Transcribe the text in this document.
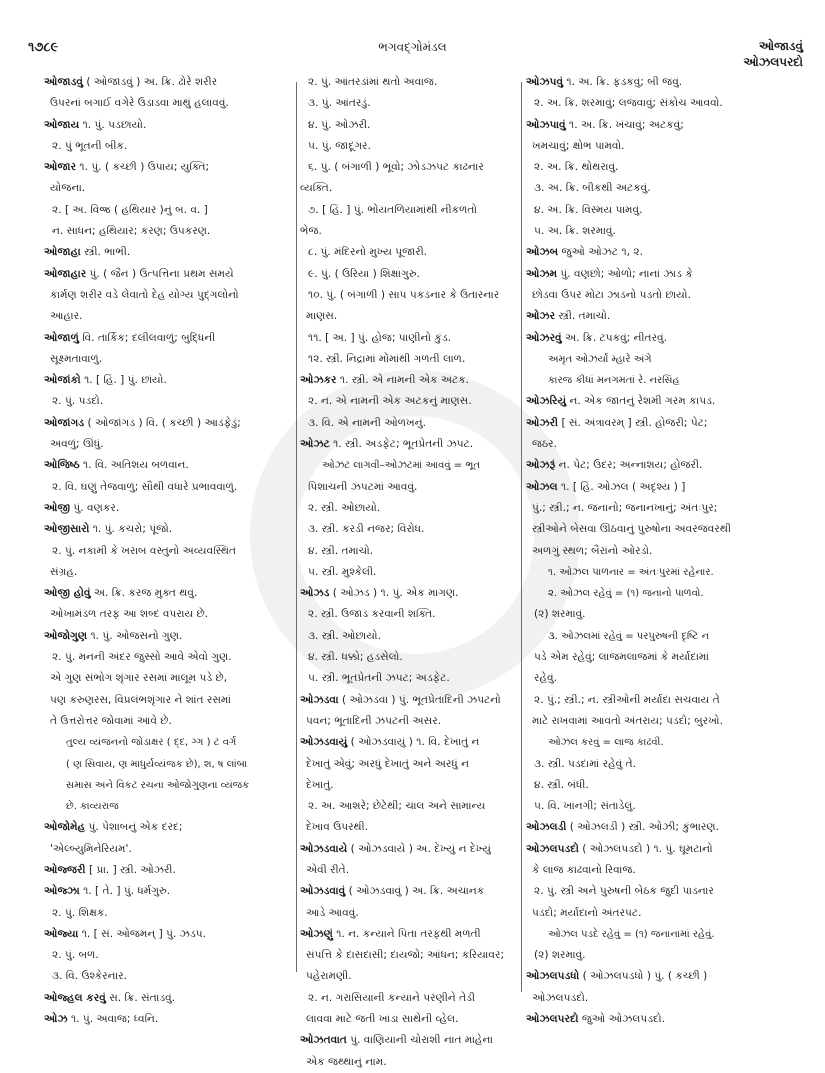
૧૭૮૯	ભગવદ્ગોમંડલ	ઓજાડવું
ઓઝલપરદો
ઓજાડવું ( ઓજાડવું ) અ. ક્રિ. ઢોરે શરીર
ઉપરનાં બગાઈ વગેરે ઉડાડવા માથું હલાવવું.
ઓજાય ૧. પું. પડછાયો.
૨. પું ભૂતની બીક.
ઓજાર ૧. પું. ( કચ્છી ) ઉપાય; યુક્તિ;
યોજના.
૨. [ અ. વિજ્ર ( હથિયાર )નું બ. વ. ]
ન. સાધન; હથિયાર; કરણ; ઉપકરણ.
ઓજાહા સ્ત્રી. ભાભી.
ઓજાહાર પું. ( જૈન ) ઉત્પત્તિના પ્રથમ સમયે
કાર્મણ શરીર વડે લેવાતો દેહ યોગ્ય પુદ્ગલોનો
આહાર.
ઓજાળું વિ. તાર્કિક; દલીલવાળું; બુદ્ધિની
સૂક્ષ્મતાવાળું.
ઓજાંકો ૧. [ હિં. ] પું. છાંયો.
૨. પું. પડદો.
ઓજાંગડ ( ઓજાંગડ ) વિ. ( કચ્છી ) આડફેડું;
અવળું; ઊંધું.
ઓજિષ્ઠ ૧. વિ. અતિશય બળવાન.
૨. વિ. ઘણું તેજવાળું; સૌથી વધારે પ્રભાવવાળું.
ઓજી પું. વણકર.
ઓજીસારો ૧. પું. કચરો; પૂંજો.
૨. પું. નકામી કે ખરાબ વસ્તુનો અવ્યવસ્થિત
સંગ્રહ.
ઓજી હોવું અ. ક્રિ. કરજ મુક્ત થવું.
ઓખામંડળ તરફ આ શબ્દ વપરાય છે.
ઓજોગુણ ૧. પું. ઓજસનો ગુણ.
૨. પું. મનની અંદર જુસ્સો આવે એવો ગુણ.
એ ગુણ સંભોગ શૃંગાર રસમાં માલૂમ પડે છે,
પણ કરુણરસ, વિપ્રલંભશૃંગાર ને શાંત રસમાં
તે ઉત્તરોત્તર જોવામાં આવે છે.
તુલ્ય વ્યંજનનો જોડાક્ષર ( દ્દ, ગ્ગ ) ટ વર્ગ
( ણ સિવાય, ણ માધુર્યવ્યંજક છે), શ, ષ લાંબા
સમાસ અને વિકટ રચના ઓજોગુણના વ્યંજક
છે. કાવ્યરાજ
ઓજોમેહ પું. પેશાબનું એક દરદ;
'એલ્બ્યુમિનેરિયમ'.
ઓજ્જરી [ પ્રા. ] સ્ત્રી. ઓઝરી.
ઓજ્ઝા ૧. [ તે. ] પું. ધર્મગુરુ.
૨. પું. શિક્ષક.
ઓજ્યા ૧. [ સં. ઓજમન્ ] પું. ઝડપ.
૨. પું. બળ.
૩. વિ. ઉશ્કેરનાર.
ઓજ્હલ કરવું સ. ક્રિ. સંતાડવું.
ઓઝ ૧. પું. અવાજ; ધ્વનિ.
૨. પું. આંતરડાંમાં થતો અવાજ.
૩. પું. આંતરડું.
૪. પું. ઓઝરી.
૫. પું. જાદૂગર.
૬. પું. ( બંગાળી ) ભૂવો; ઝોડઝપટ કાઢનાર
વ્યક્તિ.
૭. [ હિં. ] પું. ભોંયતળિયામાંથી નીકળતો
ભેજ.
૮. પું. મંદિરનો મુખ્ય પૂજારી.
૯. પું. ( ઉરિયા ) શિક્ષાગુરુ.
૧૦. પું. ( બંગાળી ) સાપ પકડનાર કે ઉતારનાર
માણસ.
૧૧. [ અ. ] પું. હોજ; પાણીનો કુંડ.
૧૨. સ્ત્રી. નિદ્રામાં મોંમાંથી ગળતી લાળ.
ઓઝકર ૧. સ્ત્રી. એ નામની એક અટક.
૨. ન. એ નામની એક અટકનું માણસ.
૩. વિ. એ નામની ઓળખનું.
ઓઝટ ૧. સ્ત્રી. અડફેટ; ભૂતપ્રેતની ઝપટ.
ઓઝટ લાગવી–ઓઝટમાં આવવું = ભૂત
પિશાચની ઝપટમાં આવવું.
૨. સ્ત્રી. ઓછાયો.
૩. સ્ત્રી. કરડી નજર; વિરોધ.
૪. સ્ત્રી. તમાચો.
૫. સ્ત્રી. મુશ્કેલી.
ઓઝડ ( ઓઝડ ) ૧. પું. એક માગણ.
૨. સ્ત્રી. ઉજાડ કરવાની શક્તિ.
૩. સ્ત્રી. ઓછાયો.
૪. સ્ત્રી. ધક્કો; હડસેલો.
૫. સ્ત્રી. ભૂતપ્રેતની ઝપટ; અડફેટ.
ઓઝડવા ( ઓઝડવા ) પું. ભૂતપ્રેતાદિની ઝપટનો
પવન; ભૂતાદિની ઝપટની અસર.
ઓઝડવાયું ( ઓઝડવાયું ) ૧. વિ. દેખાતું ન
દેખાતું એવું; અરધું દેખાતું અને અરધું ન
દેખાતું.
૨. અ. આશરે; છેટેથી; ચાલ અને સામાન્ય
દેખાવ ઉપરથી.
ઓઝડવાયે ( ઓઝડવાયે ) અ. દેખ્યું ન દેખ્યું
એવી રીતે.
ઓઝડવાવું ( ઓઝડવાવું ) અ. ક્રિ. અચાનક
આડે આવવું.
ઓઝણું ૧. ન. કન્યાને પિતા તરફથી મળતી
સંપત્તિ કે દાસદાસી; દાયજો; આંધન; કરિયાવર;
પહેરામણી.
૨. ન. ગરાસિયાની કન્યાને પરણીને તેડી
લાવવા માટે જતી ખાંડા સાથેની વ્હેલ.
ઓઝતવાત પું. વાણિયાની ચોરાશી નાત માંહેના
એક જથ્થાનું નામ.
ઓઝપવું ૧. અ. ક્રિ. ફડકવું; બી જવું.
૨. અ. ક્રિ. શરમાવું; લજવાવું; સંકોચ આવવો.
ઓઝપાવું ૧. અ. ક્રિ. ખંચાવું; અટકવું;
ખમચાવું; ક્ષોભ પામવો.
૨. અ. ક્રિ. થોથરાવું.
૩. અ. ક્રિ. બીકથી અટકવું.
૪. અ. ક્રિ. વિસ્મય પામવું.
૫. અ. ક્રિ. શરમાવું.
ઓઝબ જુઓ ઓઝટ ૧, ૨.
ઓઝમ પું. વણછો; ઓળો; નાનાં ઝાડ કે
છોડવા ઉપર મોટા ઝાડનો પડતો છાયો.
ઓઝર સ્ત્રી. તમાચો.
ઓઝરવું અ. ક્રિ. ટપકવું; નીતરવું.
અમૃત ઓઝર્યાં મ્હારે અંગે
કારજ કીધાં મનગમતાં રે. નરસિંહ
ઓઝરિયું ન. એક જાતનું રેશમી ગરમ કાપડ.
ઓઝરી [ સં. અંત્રાવરમ્ ] સ્ત્રી. હોજરી; પેટ;
જઠર.
ઓઝરૂં ન. પેટ; ઉદર; અન્નાશય; હોજરી.
ઓઝલ ૧. [ હિં. ઓઝલ ( અદૃશ્ય ) ]
પું.; સ્ત્રી.; ન. જનાનો; જનાનખાનું; અંતઃપુર;
સ્ત્રીઓને બેસવા ઊઠવાનું પુરુષોના અવરજવરથી
અળગું સ્થળ; બૈરાંનો ઓરડો.
૧. ઓઝલ પાળનાર = અંતઃપુરમાં રહેનાર.
૨. ઓઝલ રહેવું = (૧) જનાનો પાળવો.
(૨) શરમાવું.
૩. ઓઝલમાં રહેવું = પરપુરુષની દૃષ્ટિ ન
પડે એમ રહેવું; લાજમલાજમાં કે મર્યાદામાં
રહેવું.
૨. પું.; સ્ત્રી.; ન. સ્ત્રીઓની મર્યાદા સચવાય તે
માટે રાખવામાં આવતો અંતરાય; પડદો; બુરખો.
ઓઝલ કરવું = લાજ કાઢવી.
૩. સ્ત્રી. પડદામાં રહેવું તે.
૪. સ્ત્રી. બંધી.
૫. વિ. ખાનગી; સંતાડેલું.
ઓઝલડી ( ઓઝલડી ) સ્ત્રી. ઓઝી; કુંભારણ.
ઓઝલપડદો ( ઓઝલપડદો ) ૧. પું. ઘૂમટાનો
કે લાજ કાઢવાનો રિવાજ.
૨. પું. સ્ત્રી અને પુરુષની બેઠક જુદી પાડનાર
પડદો; મર્યાદાનો અંતરપટ.
ઓઝલ પડદે રહેવું = (૧) જનાનામાં રહેવું.
(૨) શરમાવું.
ઓઝલપડધો ( ઓઝલપડધો ) પું. ( કચ્છી )
ઓઝલપડદો.
ઓઝલપરદો જુઓ ઓઝલપડદો.
